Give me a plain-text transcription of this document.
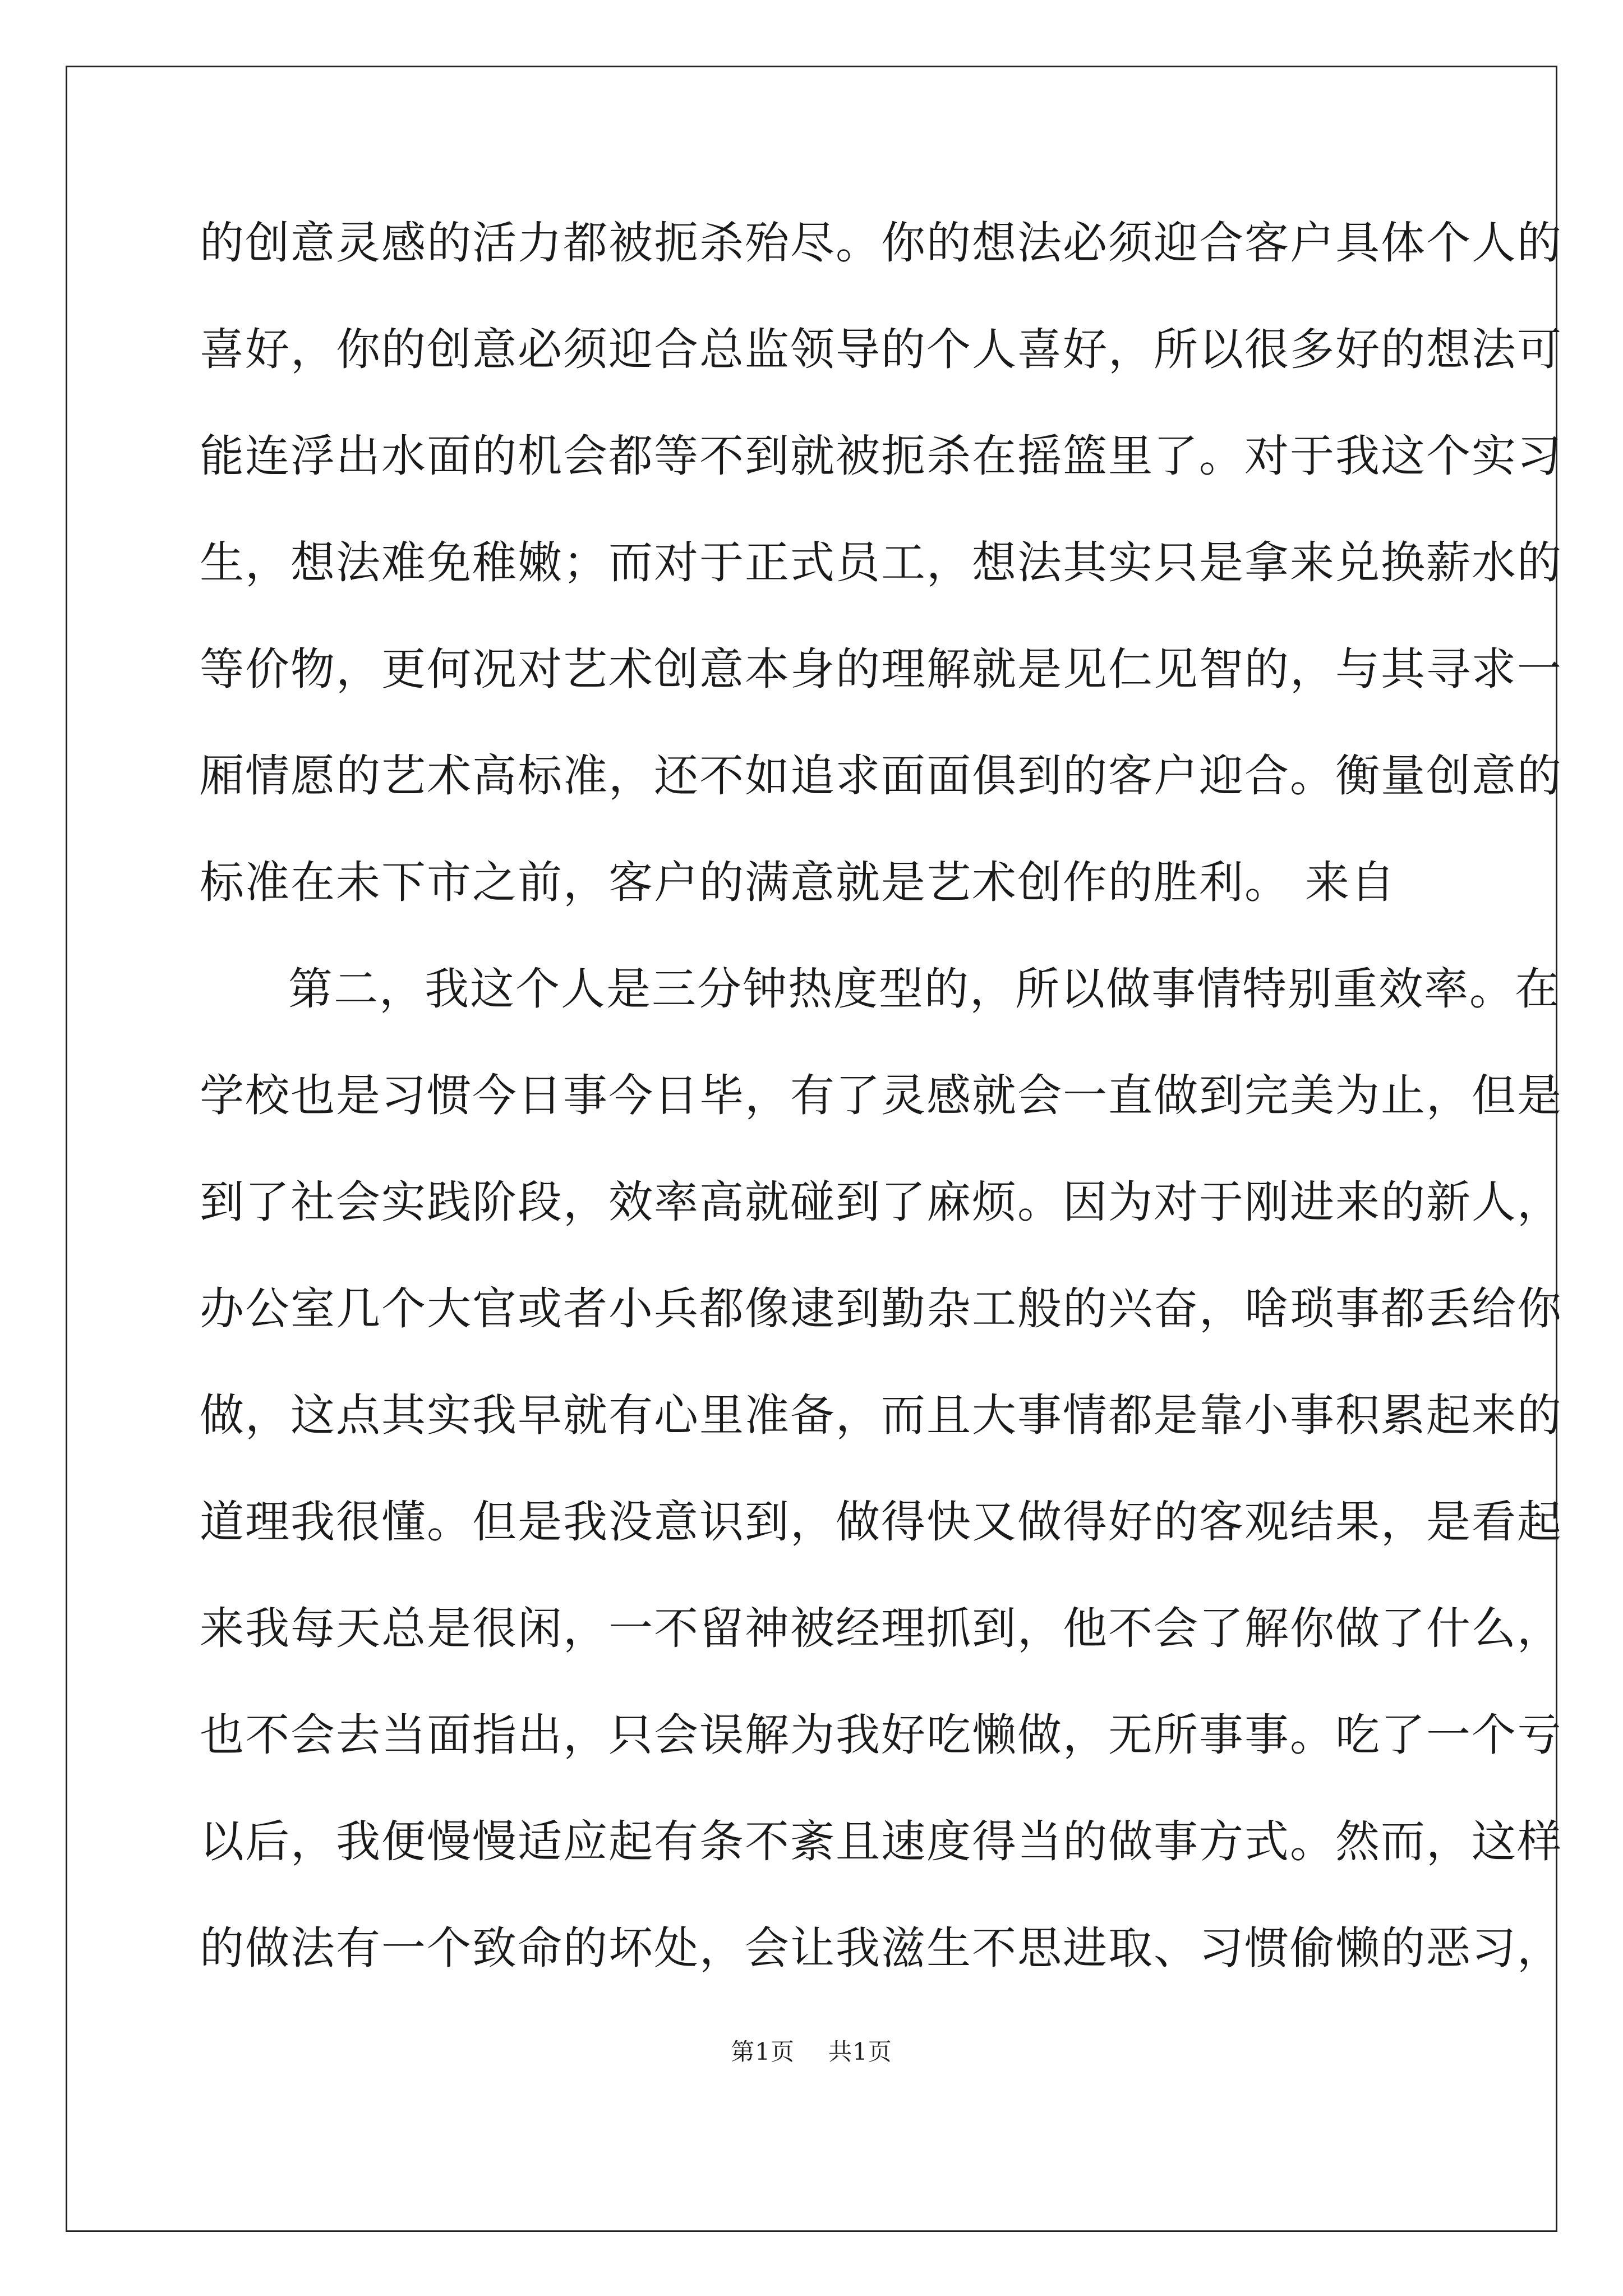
的创意灵感的活力都被扼杀殆尽。你的想法必须迎合客户具体个人的
喜好，你的创意必须迎合总监领导的个人喜好，所以很多好的想法可
能连浮出水面的机会都等不到就被扼杀在摇篮里了。对于我这个实习
生，想法难免稚嫩；而对于正式员工，想法其实只是拿来兑换薪水的
等价物，更何况对艺术创意本身的理解就是见仁见智的，与其寻求一
厢情愿的艺术高标准，还不如追求面面俱到的客户迎合。衡量创意的
标准在未下市之前，客户的满意就是艺术创作的胜利。 来自
第二，我这个人是三分钟热度型的，所以做事情特别重效率。在
学校也是习惯今日事今日毕，有了灵感就会一直做到完美为止，但是
到了社会实践阶段，效率高就碰到了麻烦。因为对于刚进来的新人，
办公室几个大官或者小兵都像逮到勤杂工般的兴奋，啥琐事都丢给你
做，这点其实我早就有心里准备，而且大事情都是靠小事积累起来的
道理我很懂。但是我没意识到，做得快又做得好的客观结果，是看起
来我每天总是很闲，一不留神被经理抓到，他不会了解你做了什么，
也不会去当面指出，只会误解为我好吃懒做，无所事事。吃了一个亏
以后，我便慢慢适应起有条不紊且速度得当的做事方式。然而，这样
的做法有一个致命的坏处，会让我滋生不思进取、习惯偷懒的恶习，
第1页 共1页
